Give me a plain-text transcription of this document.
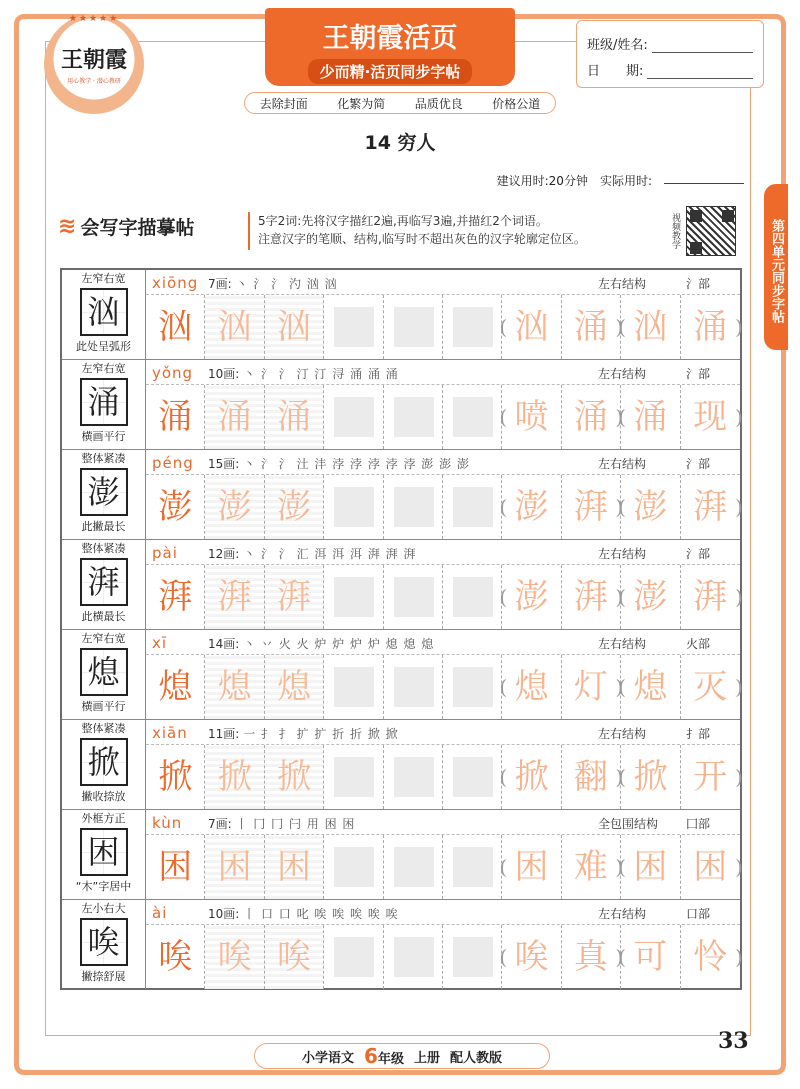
★★★★★
王朝霞
用心教学 · 潜心教研
王朝霞活页
少而精·活页同步字帖
班级/姓名:
日　　期:
去除封面 化繁为简 品质优良 价格公道
14 穷人
建议用时:20分钟 实际用时:
第四单元同步字帖
≋ 会写字描摹帖	5字2词:先将汉字描红2遍,再临写3遍,并描红2个词语。
注意汉字的笔顺、结构,临写时不超出灰色的汉字轮廓定位区。	视频教学
左窄右宽
汹
此处呈弧形
xiōng 7画: 丶 氵 氵 汋 汹 汹	左右结构	氵部
汹 汹 汹	( 汹 涌 ) ( 汹 涌 )
左窄右宽
涌
横画平行
yǒng 10画: 丶 氵 氵 汀 汀 浔 涌 涌 涌	左右结构	氵部
涌 涌 涌	( 喷 涌 ) ( 涌 现 )
整体紧凑
澎
此撇最长
péng 15画: 丶 氵 氵 汢 沣 浡 浡 浡 浡 浡 澎 澎 澎	左右结构	氵部
澎 澎 澎	( 澎 湃 ) ( 澎 湃 )
整体紧凑
湃
此横最长
pài	12画: 丶 氵 氵 汇 洱 洱 洱 湃 湃 湃	左右结构	氵部
湃 湃 湃	( 澎 湃 ) ( 澎 湃 )
左窄右宽
熄
横画平行
xī	14画: 丶 丷 火 火 炉 炉 炉 炉 熄 熄 熄	左右结构	火部
熄 熄 熄	( 熄 灯 ) ( 熄 灭 )
整体紧凑
掀
撇收捺放
xiān 11画: 一 扌 扌 扩 扩 折 折 掀 掀	左右结构	扌部
掀 掀 掀	( 掀 翻 ) ( 掀 开 )
外框方正
困
“木”字居中
kùn 7画: 丨 冂 冂 闩 用 困 困	全包围结构 囗部
困 困 困	( 困 难 ) ( 困 困 )
左小右大
唉
撇捺舒展
ài	10画: 丨 口 口 叱 唉 唉 唉 唉 唉	左右结构	口部
唉 唉 唉	( 唉 真 ) ( 可 怜 )
小学语文 6年级 上册 配人教版
33
